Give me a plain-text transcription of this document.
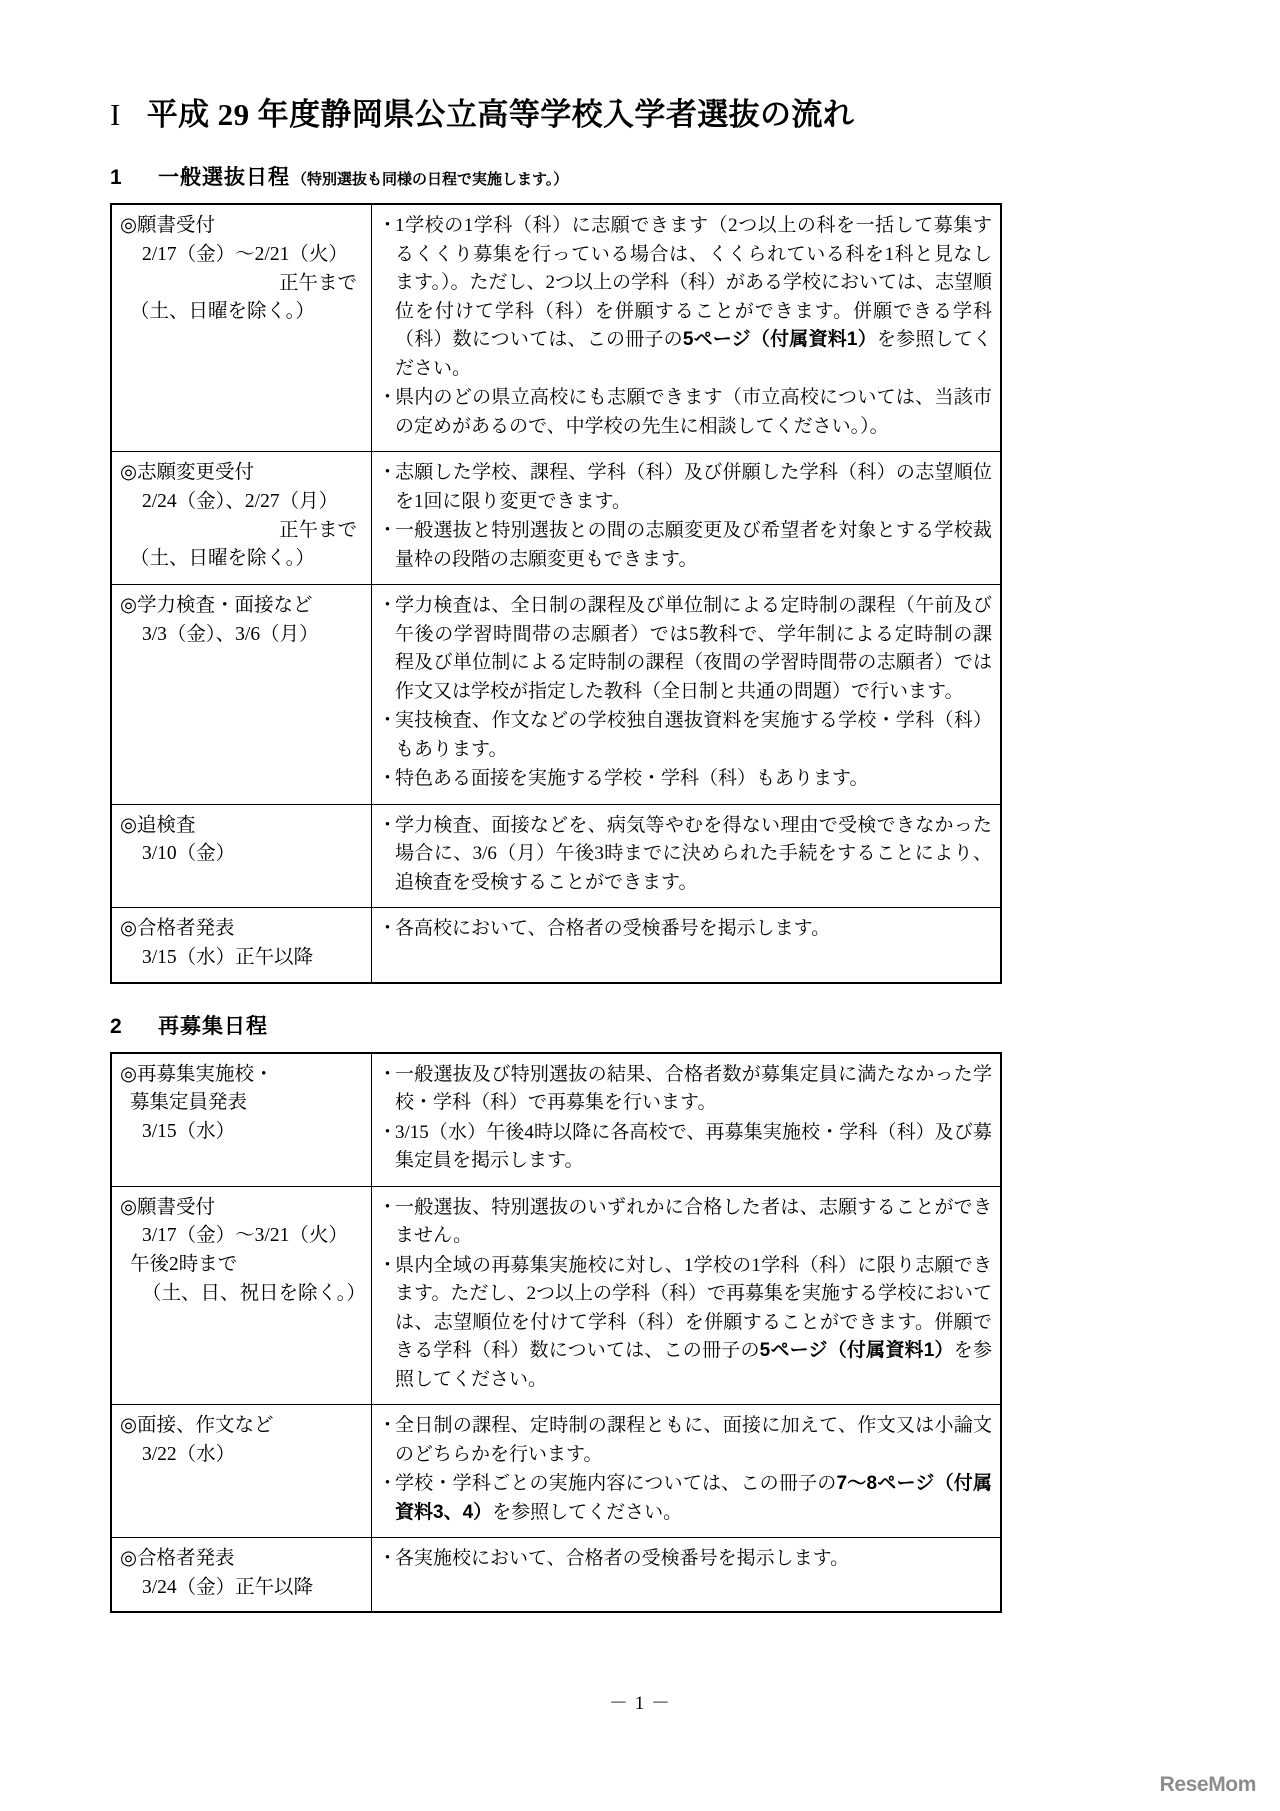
I 平成 29 年度静岡県公立高等学校入学者選抜の流れ
1	一般選抜日程 （特別選抜も同様の日程で実施します。）
◎願書受付
2/17（金）～2/21（火）
正午まで
（土、日曜を除く。）

・ 1学校の1学科（科）に志願できます（2つ以上の科を一括して募集するくくり募集を行っている場合は、くくられている科を1科と見なします。）。ただし、2つ以上の学科（科）がある学校においては、志望順位を付けて学科（科）を併願することができます。併願できる学科（科）数については、この冊子の5ページ（付属資料1）を参照してください。
・ 県内のどの県立高校にも志願できます（市立高校については、当該市の定めがあるので、中学校の先生に相談してください。）。

◎志願変更受付
2/24（金）、2/27（月）
正午まで
（土、日曜を除く。）

・ 志願した学校、課程、学科（科）及び併願した学科（科）の志望順位を1回に限り変更できます。
・ 一般選抜と特別選抜との間の志願変更及び希望者を対象とする学校裁量枠の段階の志願変更もできます。

◎学力検査・面接など
3/3（金）、3/6（月）

・ 学力検査は、全日制の課程及び単位制による定時制の課程（午前及び午後の学習時間帯の志願者）では5教科で、学年制による定時制の課程及び単位制による定時制の課程（夜間の学習時間帯の志願者）では作文又は学校が指定した教科（全日制と共通の問題）で行います。
・ 実技検査、作文などの学校独自選抜資料を実施する学校・学科（科）もあります。
・ 特色ある面接を実施する学校・学科（科）もあります。

◎追検査
3/10（金）

・ 学力検査、面接などを、病気等やむを得ない理由で受検できなかった場合に、3/6（月）午後3時までに決められた手続をすることにより、追検査を受検することができます。

◎合格者発表
3/15（水）正午以降

・ 各高校において、合格者の受検番号を掲示します。
2	再募集日程
◎再募集実施校・
募集定員発表
3/15（水）

・ 一般選抜及び特別選抜の結果、合格者数が募集定員に満たなかった学校・学科（科）で再募集を行います。
・ 3/15（水）午後4時以降に各高校で、再募集実施校・学科（科）及び募集定員を掲示します。

◎願書受付
3/17（金）～3/21（火）
午後2時まで
（土、日、祝日を除く。）

・ 一般選抜、特別選抜のいずれかに合格した者は、志願することができません。
・ 県内全域の再募集実施校に対し、1学校の1学科（科）に限り志願できます。ただし、2つ以上の学科（科）で再募集を実施する学校においては、志望順位を付けて学科（科）を併願することができます。併願できる学科（科）数については、この冊子の5ページ（付属資料1）を参照してください。

◎面接、作文など
3/22（水）

・ 全日制の課程、定時制の課程ともに、面接に加えて、作文又は小論文のどちらかを行います。
・ 学校・学科ごとの実施内容については、この冊子の7～8ページ（付属資料3、4）を参照してください。

◎合格者発表
3/24（金）正午以降

・ 各実施校において、合格者の受検番号を掲示します。
－ 1 －
ReseMom
